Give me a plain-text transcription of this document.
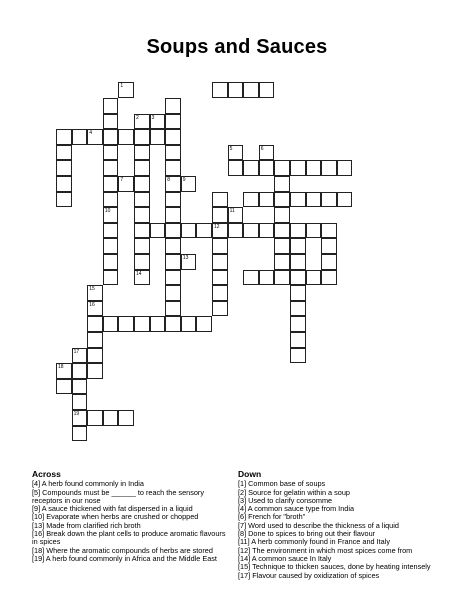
Soups and Sauces
4
8
10
12
16
19
1
2	3
5	6
7	9
11
13
14
15
17
18
Across

[4] A herb found commonly in India

[5] Compounds must be ______ to reach the sensory receptors in our nose

[9] A sauce thickened with fat dispersed in a liquid

[10] Evaporate when herbs are crushed or chopped

[13] Made from clarified rich broth

[16] Break down the plant cells to produce aromatic flavours in spices

[18] Where the aromatic compounds of herbs are stored

[19] A herb found commonly in Africa and the Middle East

Down

[1] Common base of soups

[2] Source for gelatin within a soup

[3] Used to clarify consomme

[4] A common sauce type from India

[6] French for "broth"

[7] Word used to describe the thickness of a liquid

[8] Done to spices to bring out their flavour

[11] A herb commonly found in France and Italy

[12] The environment in which most spices come from

[14] A common sauce In Italy

[15] Technique to thicken sauces, done by heating intensely

[17] Flavour caused by oxidization of spices
